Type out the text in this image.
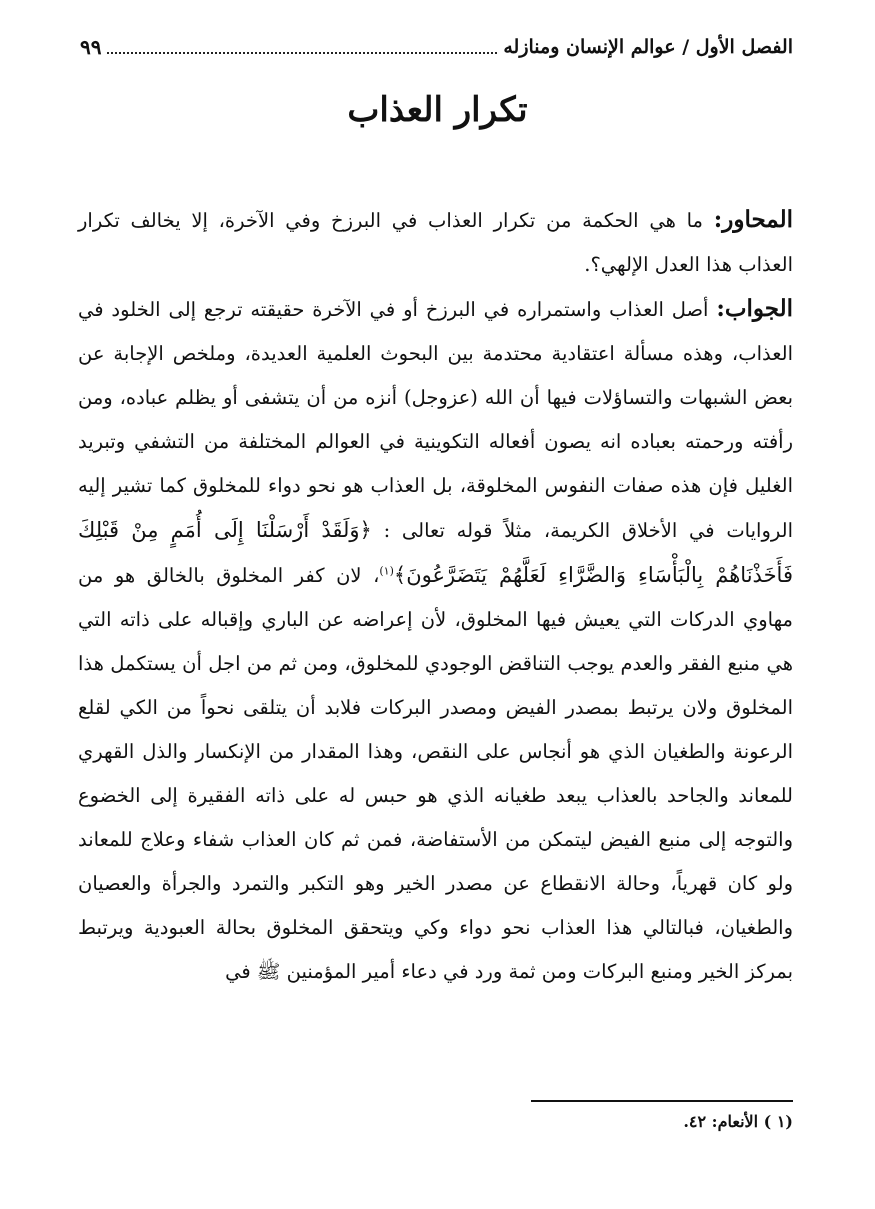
الفصل الأول / عوالم الإنسان ومنازله
٩٩
تكرار العذاب

المحاور: ما هي الحكمة من تكرار العذاب في البرزخ وفي الآخرة، إلا يخالف تكرار العذاب هذا العدل الإلهي؟.

الجواب: أصل العذاب واستمراره في البرزخ أو في الآخرة حقيقته ترجع إلى الخلود في العذاب، وهذه مسألة اعتقادية محتدمة بين البحوث العلمية العديدة، وملخص الإجابة عن بعض الشبهات والتساؤلات فيها أن الله (عزوجل) أنزه من أن يتشفى أو يظلم عباده، ومن رأفته ورحمته بعباده انه يصون أفعاله التكوينية في العوالم المختلفة من التشفي وتبريد الغليل فإن هذه صفات النفوس المخلوقة، بل العذاب هو نحو دواء للمخلوق كما تشير إليه الروايات في الأخلاق الكريمة، مثلاً قوله تعالى : ﴿وَلَقَدْ أَرْسَلْنَا إِلَى أُمَمٍ مِنْ قَبْلِكَ فَأَخَذْنَاهُمْ بِالْبَأْسَاءِ وَالضَّرَّاءِ لَعَلَّهُمْ يَتَضَرَّعُونَ﴾$^{(١)}$، لان كفر المخلوق بالخالق هو من مهاوي الدركات التي يعيش فيها المخلوق، لأن إعراضه عن الباري وإقباله على ذاته التي هي منبع الفقر والعدم يوجب التناقض الوجودي للمخلوق، ومن ثم من اجل أن يستكمل هذا المخلوق ولان يرتبط بمصدر الفيض ومصدر البركات فلابد أن يتلقى نحواً من الكي لقلع الرعونة والطغيان الذي هو أنجاس على النقص، وهذا المقدار من الإنكسار والذل القهري للمعاند والجاحد بالعذاب يبعد طغيانه الذي هو حبس له على ذاته الفقيرة إلى الخضوع والتوجه إلى منبع الفيض ليتمكن من الأستفاضة، فمن ثم كان العذاب شفاء وعلاج للمعاند ولو كان قهرياً، وحالة الانقطاع عن مصدر الخير وهو التكبر والتمرد والجرأة والعصيان والطغيان، فبالتالي هذا العذاب نحو دواء وكي ويتحقق المخلوق بحالة العبودية ويرتبط بمركز الخير ومنبع البركات ومن ثمة ورد في دعاء أمير المؤمنين ﷺ في

(١ ) الأنعام: ٤٢.
